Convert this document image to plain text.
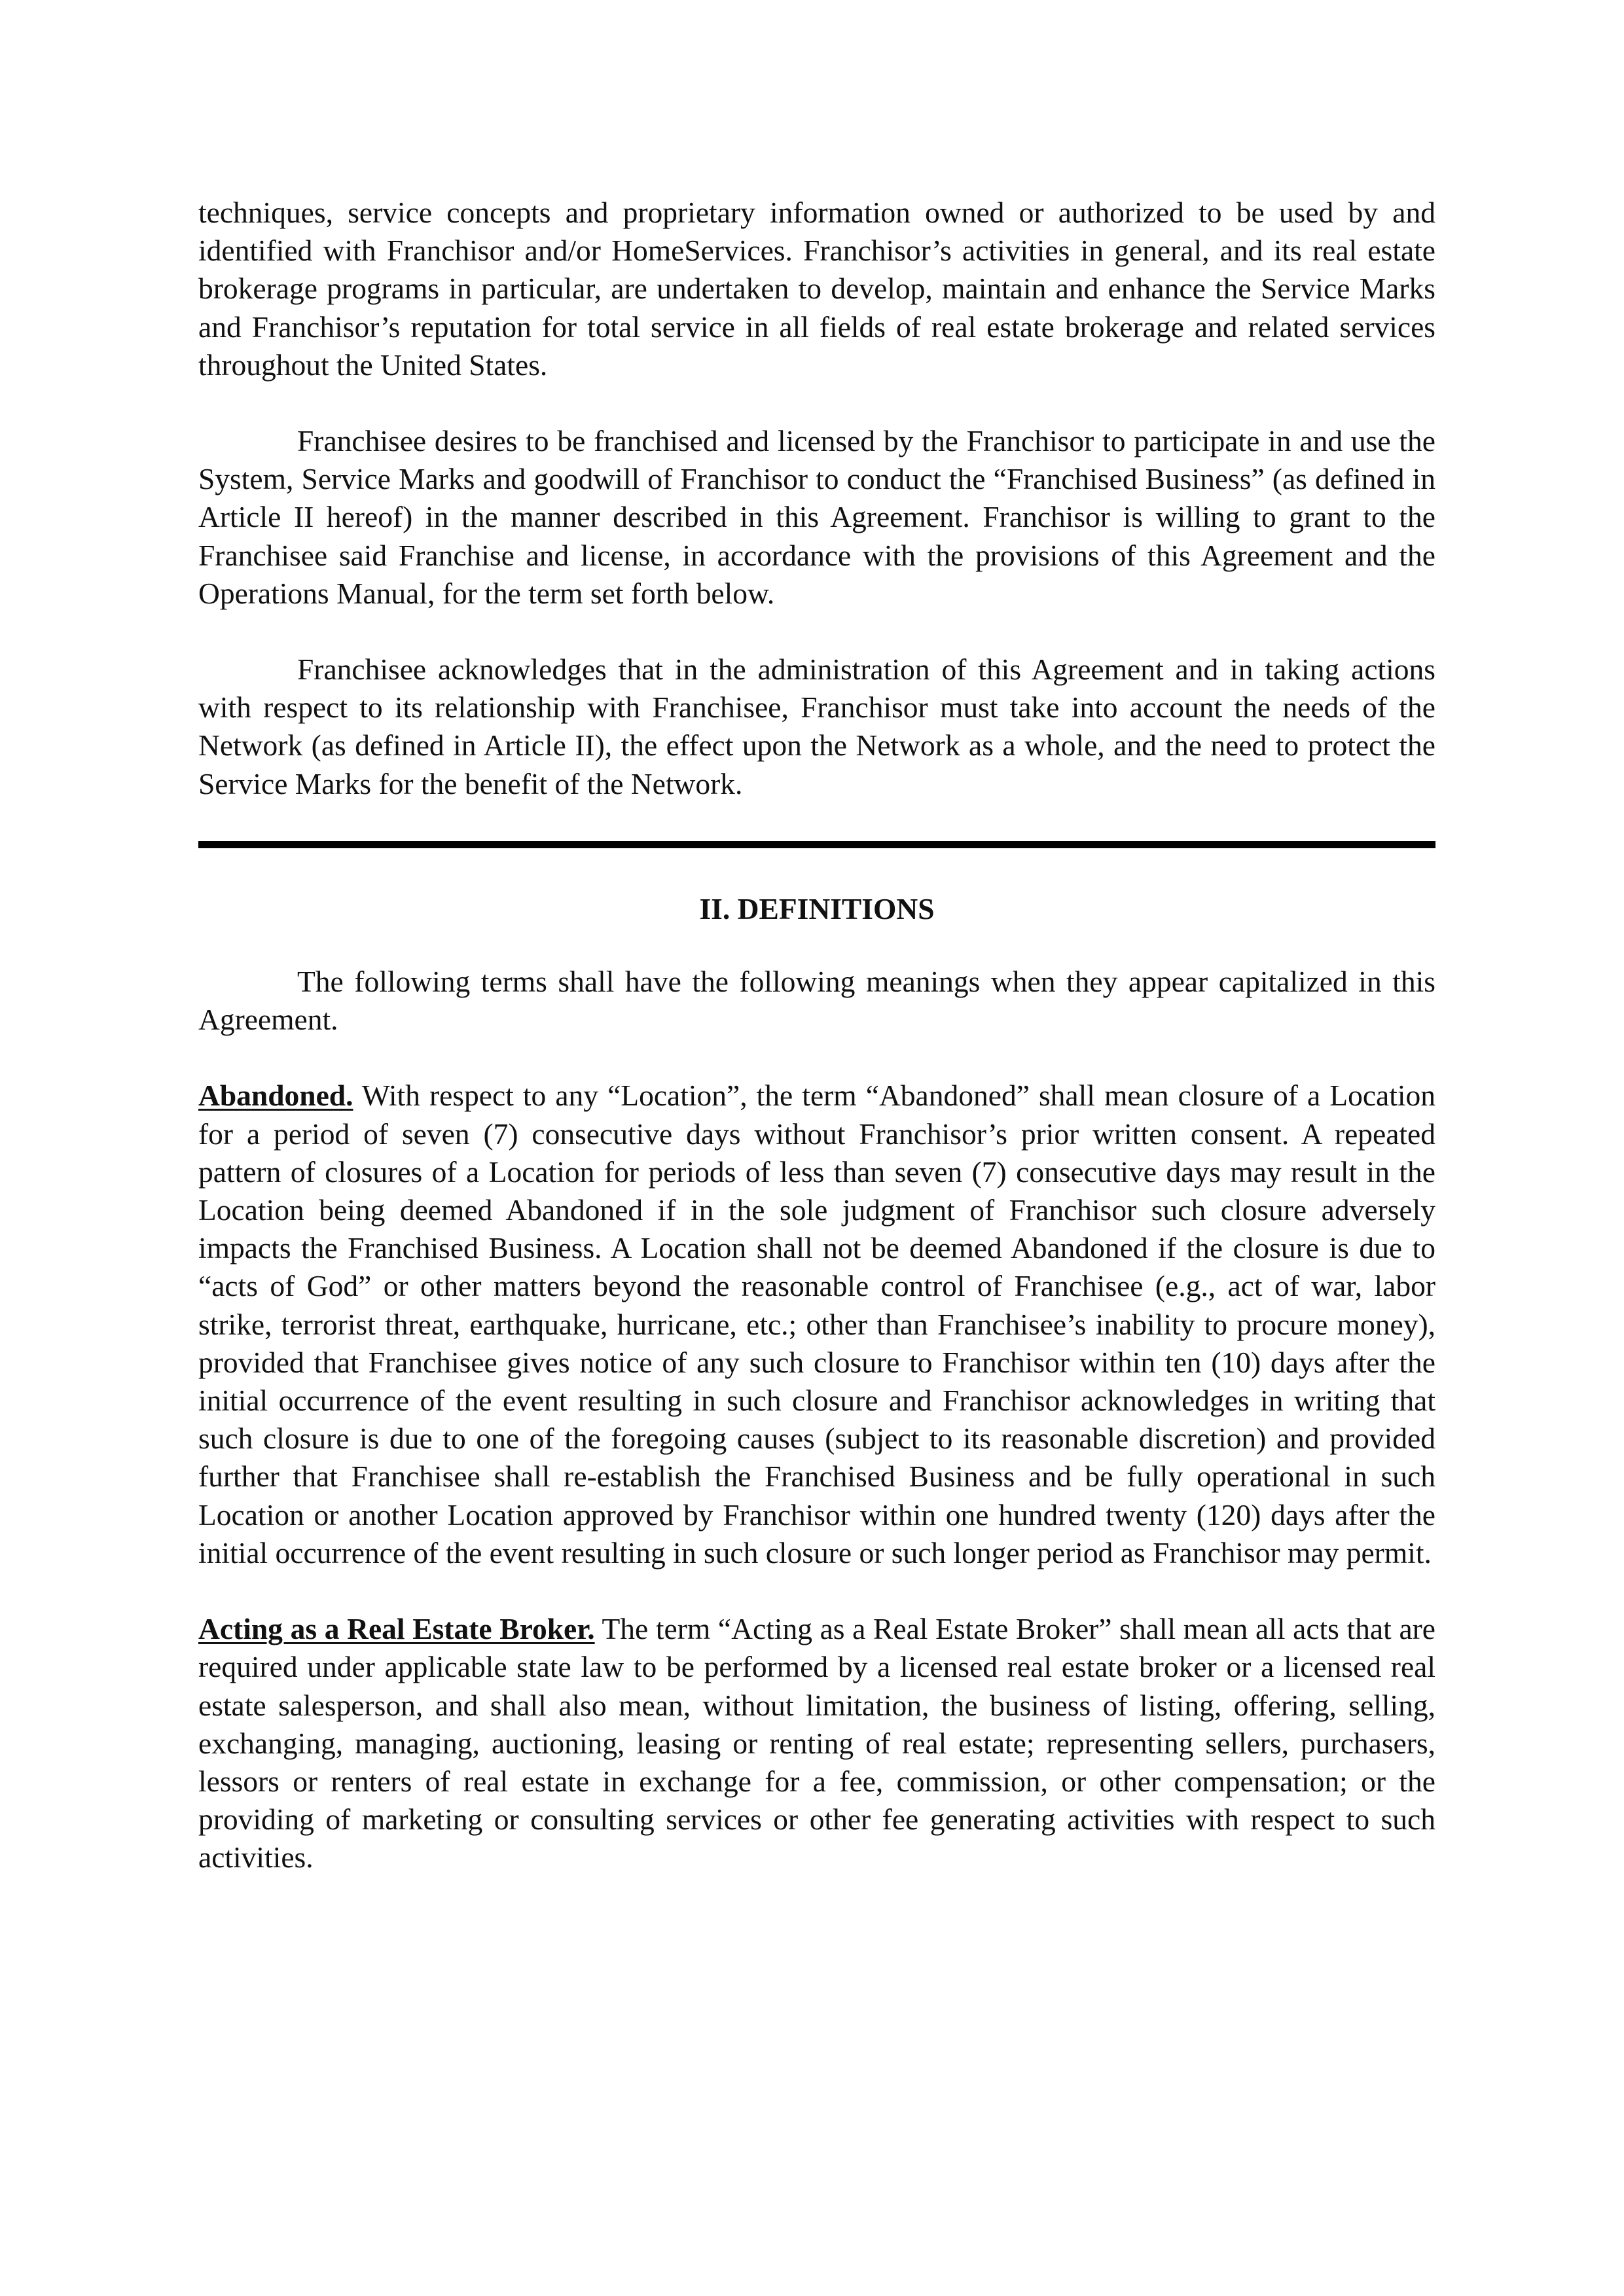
techniques, service concepts and proprietary information owned or authorized to be used by and identified with Franchisor and/or HomeServices. Franchisor’s activities in general, and its real estate brokerage programs in particular, are undertaken to develop, maintain and enhance the Service Marks and Franchisor’s reputation for total service in all fields of real estate brokerage and related services throughout the United States.

Franchisee desires to be franchised and licensed by the Franchisor to participate in and use the System, Service Marks and goodwill of Franchisor to conduct the “Franchised Business” (as defined in Article II hereof) in the manner described in this Agreement. Franchisor is willing to grant to the Franchisee said Franchise and license, in accordance with the provisions of this Agreement and the Operations Manual, for the term set forth below.

Franchisee acknowledges that in the administration of this Agreement and in taking actions with respect to its relationship with Franchisee, Franchisor must take into account the needs of the Network (as defined in Article II), the effect upon the Network as a whole, and the need to protect the Service Marks for the benefit of the Network.

II. DEFINITIONS

The following terms shall have the following meanings when they appear capitalized in this Agreement.

Abandoned. With respect to any “Location”, the term “Abandoned” shall mean closure of a Location for a period of seven (7) consecutive days without Franchisor’s prior written consent. A repeated pattern of closures of a Location for periods of less than seven (7) consecutive days may result in the Location being deemed Abandoned if in the sole judgment of Franchisor such closure adversely impacts the Franchised Business. A Location shall not be deemed Abandoned if the closure is due to “acts of God” or other matters beyond the reasonable control of Franchisee (e.g., act of war, labor strike, terrorist threat, earthquake, hurricane, etc.; other than Franchisee’s inability to procure money), provided that Franchisee gives notice of any such closure to Franchisor within ten (10) days after the initial occurrence of the event resulting in such closure and Franchisor acknowledges in writing that such closure is due to one of the foregoing causes (subject to its reasonable discretion) and provided further that Franchisee shall re-establish the Franchised Business and be fully operational in such Location or another Location approved by Franchisor within one hundred twenty (120) days after the initial occurrence of the event resulting in such closure or such longer period as Franchisor may permit.

Acting as a Real Estate Broker. The term “Acting as a Real Estate Broker” shall mean all acts that are required under applicable state law to be performed by a licensed real estate broker or a licensed real estate salesperson, and shall also mean, without limitation, the business of listing, offering, selling, exchanging, managing, auctioning, leasing or renting of real estate; representing sellers, purchasers, lessors or renters of real estate in exchange for a fee, commission, or other compensation; or the providing of marketing or consulting services or other fee generating activities with respect to such activities.
